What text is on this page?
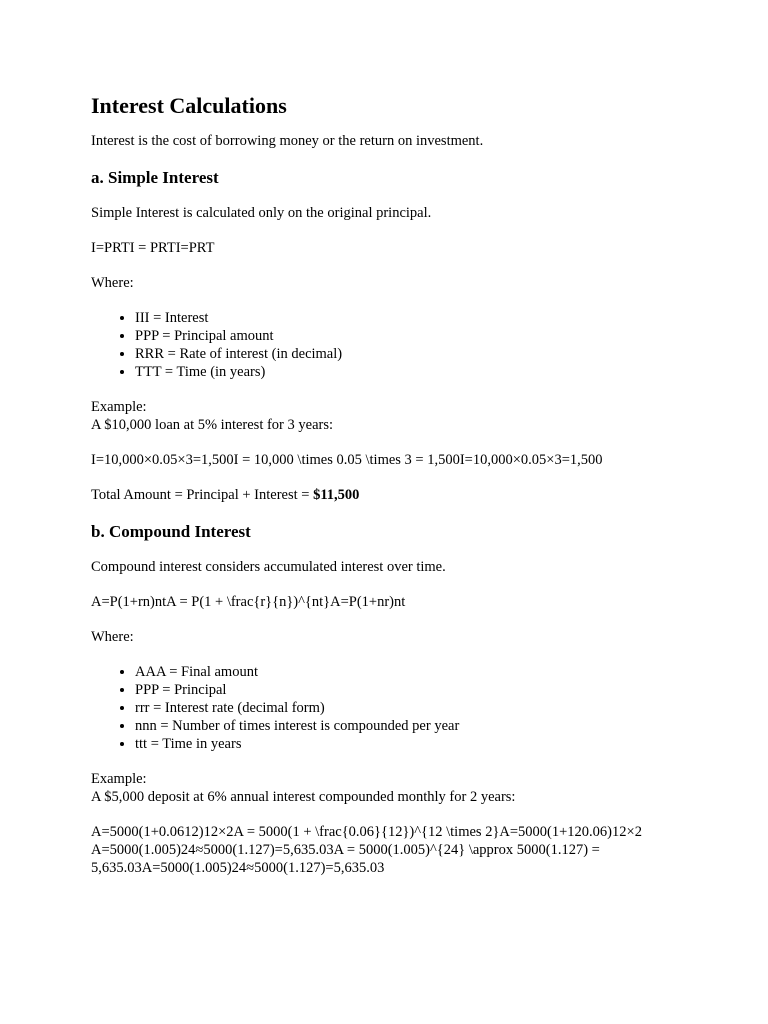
Interest Calculations

Interest is the cost of borrowing money or the return on investment.

a. Simple Interest

Simple Interest is calculated only on the original principal.

I=PRTI = PRTI=PRT

Where:

• III = Interest
• PPP = Principal amount
• RRR = Rate of interest (in decimal)
• TTT = Time (in years)

Example:
A $10,000 loan at 5% interest for 3 years:

I=10,000×0.05×3=1,500I = 10,000 \times 0.05 \times 3 = 1,500I=10,000×0.05×3=1,500

Total Amount = Principal + Interest = $11,500

b. Compound Interest

Compound interest considers accumulated interest over time.

A=P(1+rn)ntA = P(1 + \frac{r}{n})^{nt}A=P(1+nr)nt

Where:

• AAA = Final amount
• PPP = Principal
• rrr = Interest rate (decimal form)
• nnn = Number of times interest is compounded per year
• ttt = Time in years

Example:
A $5,000 deposit at 6% annual interest compounded monthly for 2 years:

A=5000(1+0.0612)12×2A = 5000(1 + \frac{0.06}{12})^{12 \times 2}A=5000(1+120.06)12×2
A=5000(1.005)24≈5000(1.127)=5,635.03A = 5000(1.005)^{24} \approx 5000(1.127) =
5,635.03A=5000(1.005)24≈5000(1.127)=5,635.03
